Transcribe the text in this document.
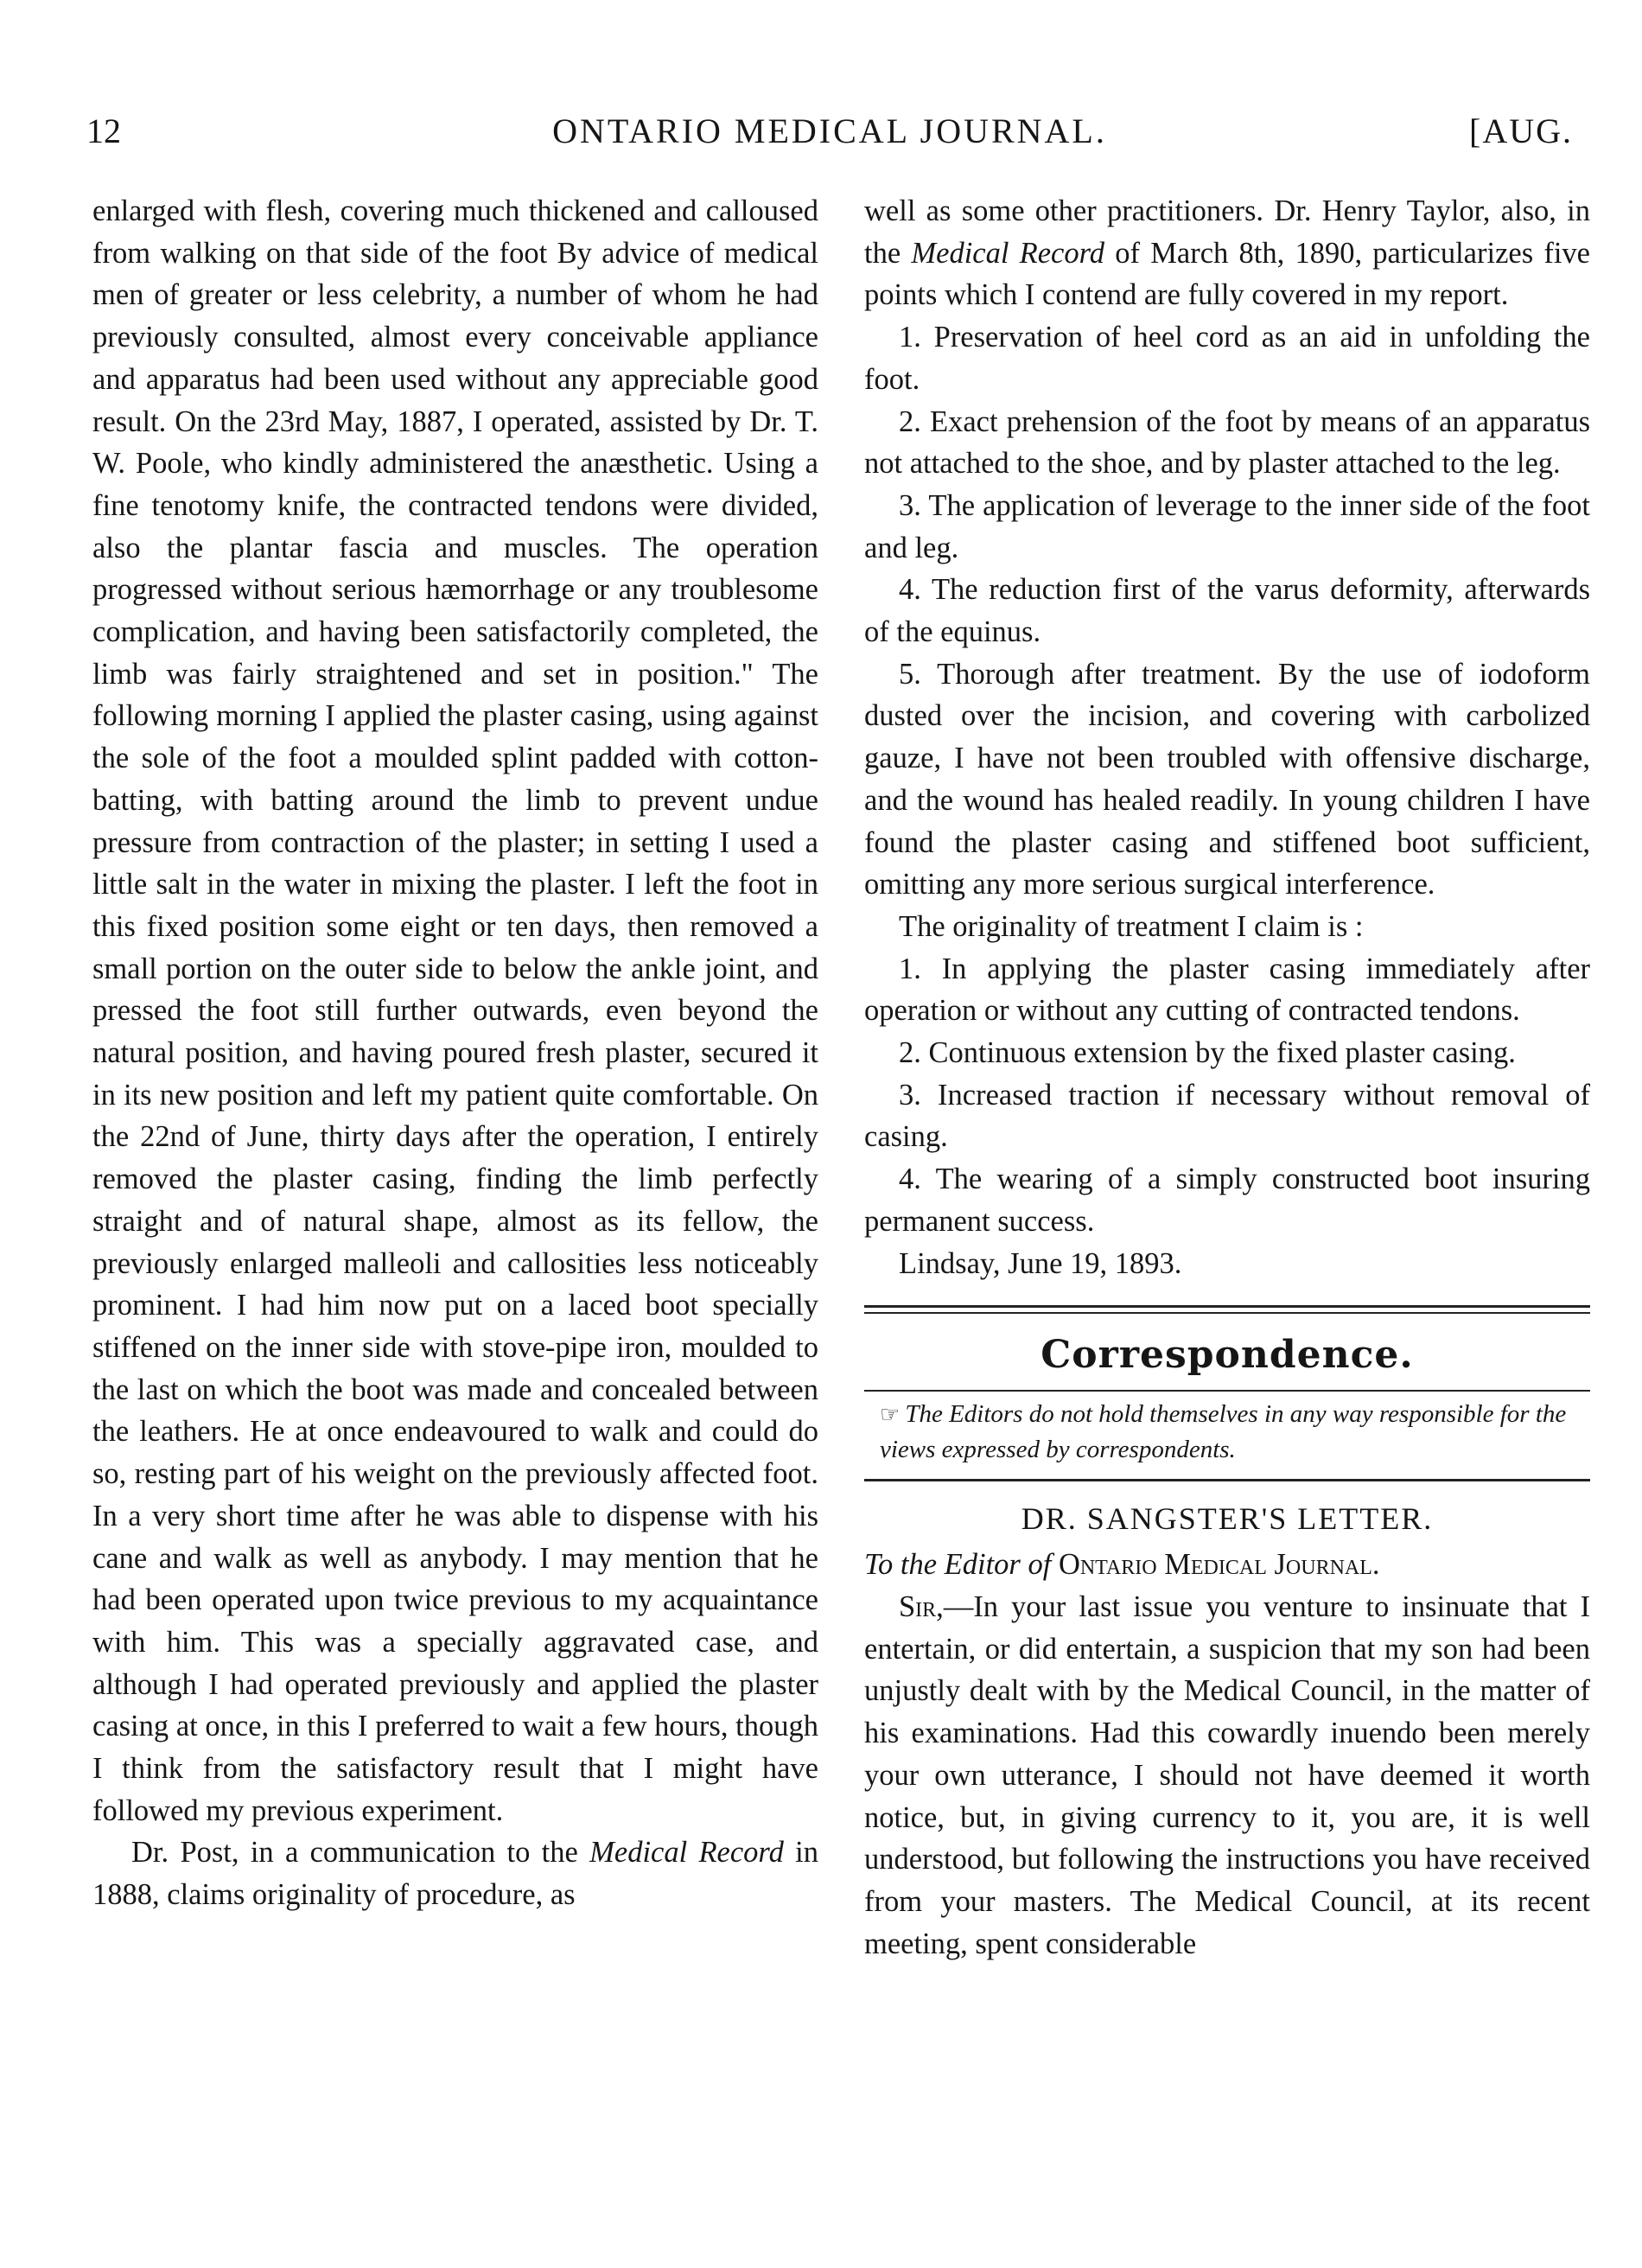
12	ONTARIO MEDICAL JOURNAL.	[AUG.

enlarged with flesh, covering much thickened and calloused from walking on that side of the foot By advice of medical men of greater or less celebrity, a number of whom he had previously consulted, almost every conceivable appliance and apparatus had been used without any appreciable good result. On the 23rd May, 1887, I operated, assisted by Dr. T. W. Poole, who kindly administered the anæsthetic. Using a fine tenotomy knife, the contracted tendons were divided, also the plantar fascia and muscles. The operation progressed without serious hæmorrhage or any troublesome complication, and having been satisfactorily completed, the limb was fairly straightened and set in position." The following morning I applied the plaster casing, using against the sole of the foot a moulded splint padded with cotton-batting, with batting around the limb to prevent undue pressure from contraction of the plaster; in setting I used a little salt in the water in mixing the plaster. I left the foot in this fixed position some eight or ten days, then removed a small portion on the outer side to below the ankle joint, and pressed the foot still further outwards, even beyond the natural position, and having poured fresh plaster, secured it in its new position and left my patient quite comfortable. On the 22nd of June, thirty days after the operation, I entirely removed the plaster casing, finding the limb perfectly straight and of natural shape, almost as its fellow, the previously enlarged malleoli and callosities less noticeably prominent. I had him now put on a laced boot specially stiffened on the inner side with stove-pipe iron, moulded to the last on which the boot was made and concealed between the leathers. He at once endeavoured to walk and could do so, resting part of his weight on the previously affected foot. In a very short time after he was able to dispense with his cane and walk as well as anybody. I may mention that he had been operated upon twice previous to my acquaintance with him. This was a specially aggravated case, and although I had operated previously and applied the plaster casing at once, in this I preferred to wait a few hours, though I think from the satisfactory result that I might have followed my previous experiment.

Dr. Post, in a communication to the Medical Record in 1888, claims originality of procedure, as

well as some other practitioners. Dr. Henry Taylor, also, in the Medical Record of March 8th, 1890, particularizes five points which I contend are fully covered in my report.

1. Preservation of heel cord as an aid in unfolding the foot.

2. Exact prehension of the foot by means of an apparatus not attached to the shoe, and by plaster attached to the leg.

3. The application of leverage to the inner side of the foot and leg.

4. The reduction first of the varus deformity, afterwards of the equinus.

5. Thorough after treatment. By the use of iodoform dusted over the incision, and covering with carbolized gauze, I have not been troubled with offensive discharge, and the wound has healed readily. In young children I have found the plaster casing and stiffened boot sufficient, omitting any more serious surgical interference.

The originality of treatment I claim is :

1. In applying the plaster casing immediately after operation or without any cutting of contracted tendons.

2. Continuous extension by the fixed plaster casing.

3. Increased traction if necessary without removal of casing.

4. The wearing of a simply constructed boot insuring permanent success.

Lindsay, June 19, 1893.

Correspondence.
☞ The Editors do not hold themselves in any way responsible for the views expressed by correspondents.
DR. SANGSTER'S LETTER.

To the Editor of Ontario Medical Journal.

Sir,—In your last issue you venture to insinuate that I entertain, or did entertain, a suspicion that my son had been unjustly dealt with by the Medical Council, in the matter of his examinations. Had this cowardly inuendo been merely your own utterance, I should not have deemed it worth notice, but, in giving currency to it, you are, it is well understood, but following the instructions you have received from your masters. The Medical Council, at its recent meeting, spent considerable
